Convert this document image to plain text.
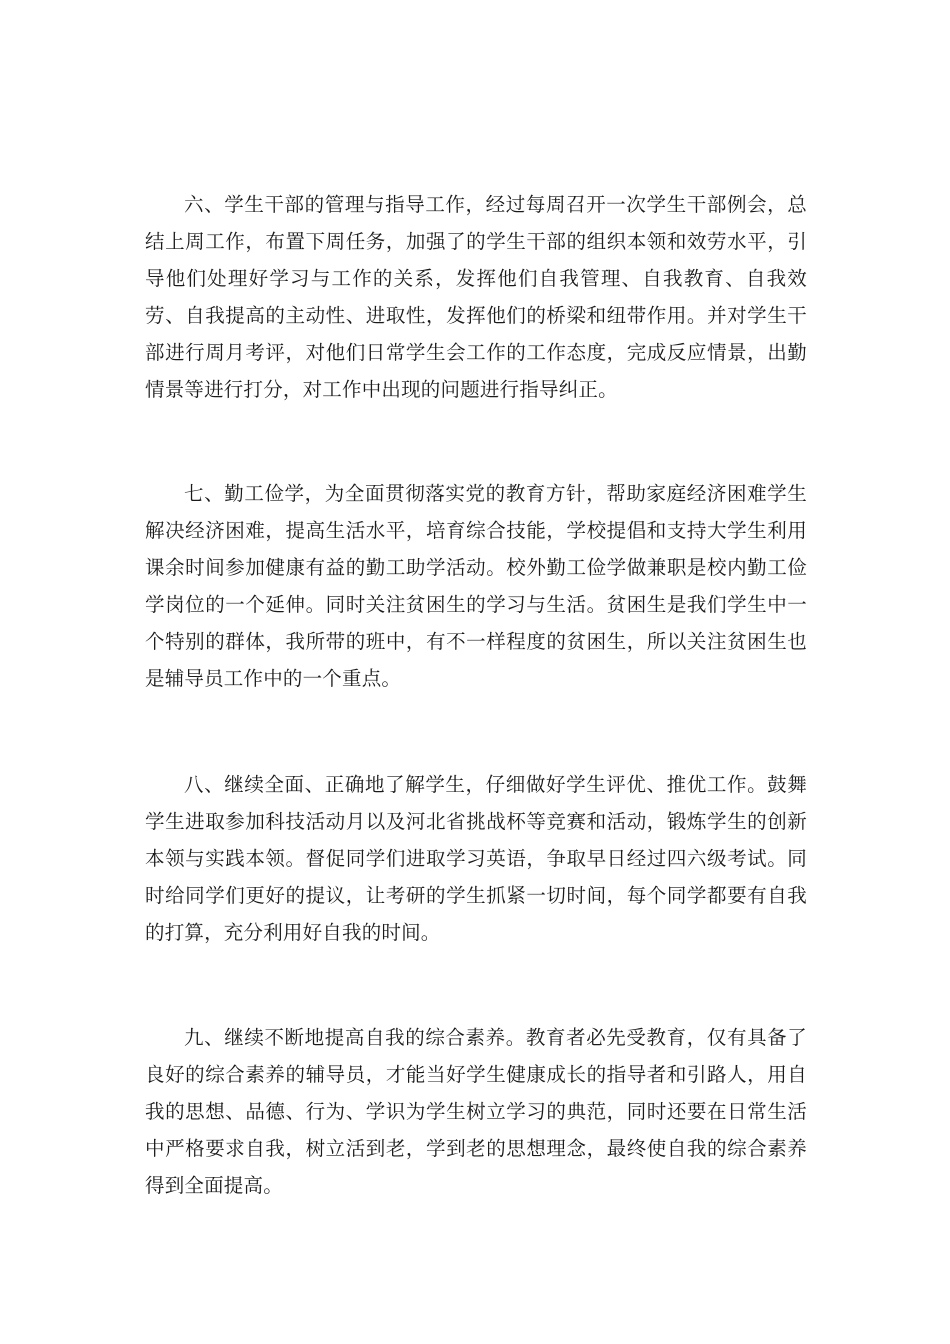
六、学生干部的管理与指导工作，经过每周召开一次学生干部例会，总结上周工作，布置下周任务，加强了的学生干部的组织本领和效劳水平，引导他们处理好学习与工作的关系，发挥他们自我管理、自我教育、自我效劳、自我提高的主动性、进取性，发挥他们的桥梁和纽带作用。并对学生干部进行周月考评，对他们日常学生会工作的工作态度，完成反应情景，出勤情景等进行打分，对工作中出现的问题进行指导纠正。

七、勤工俭学，为全面贯彻落实党的教育方针，帮助家庭经济困难学生解决经济困难，提高生活水平，培育综合技能，学校提倡和支持大学生利用课余时间参加健康有益的勤工助学活动。校外勤工俭学做兼职是校内勤工俭学岗位的一个延伸。同时关注贫困生的学习与生活。贫困生是我们学生中一个特别的群体，我所带的班中，有不一样程度的贫困生，所以关注贫困生也是辅导员工作中的一个重点。

八、继续全面、正确地了解学生，仔细做好学生评优、推优工作。鼓舞学生进取参加科技活动月以及河北省挑战杯等竞赛和活动，锻炼学生的创新本领与实践本领。督促同学们进取学习英语，争取早日经过四六级考试。同时给同学们更好的提议，让考研的学生抓紧一切时间，每个同学都要有自我的打算，充分利用好自我的时间。

九、继续不断地提高自我的综合素养。教育者必先受教育，仅有具备了良好的综合素养的辅导员，才能当好学生健康成长的指导者和引路人，用自我的思想、品德、行为、学识为学生树立学习的典范，同时还要在日常生活中严格要求自我，树立活到老，学到老的思想理念，最终使自我的综合素养得到全面提高。
